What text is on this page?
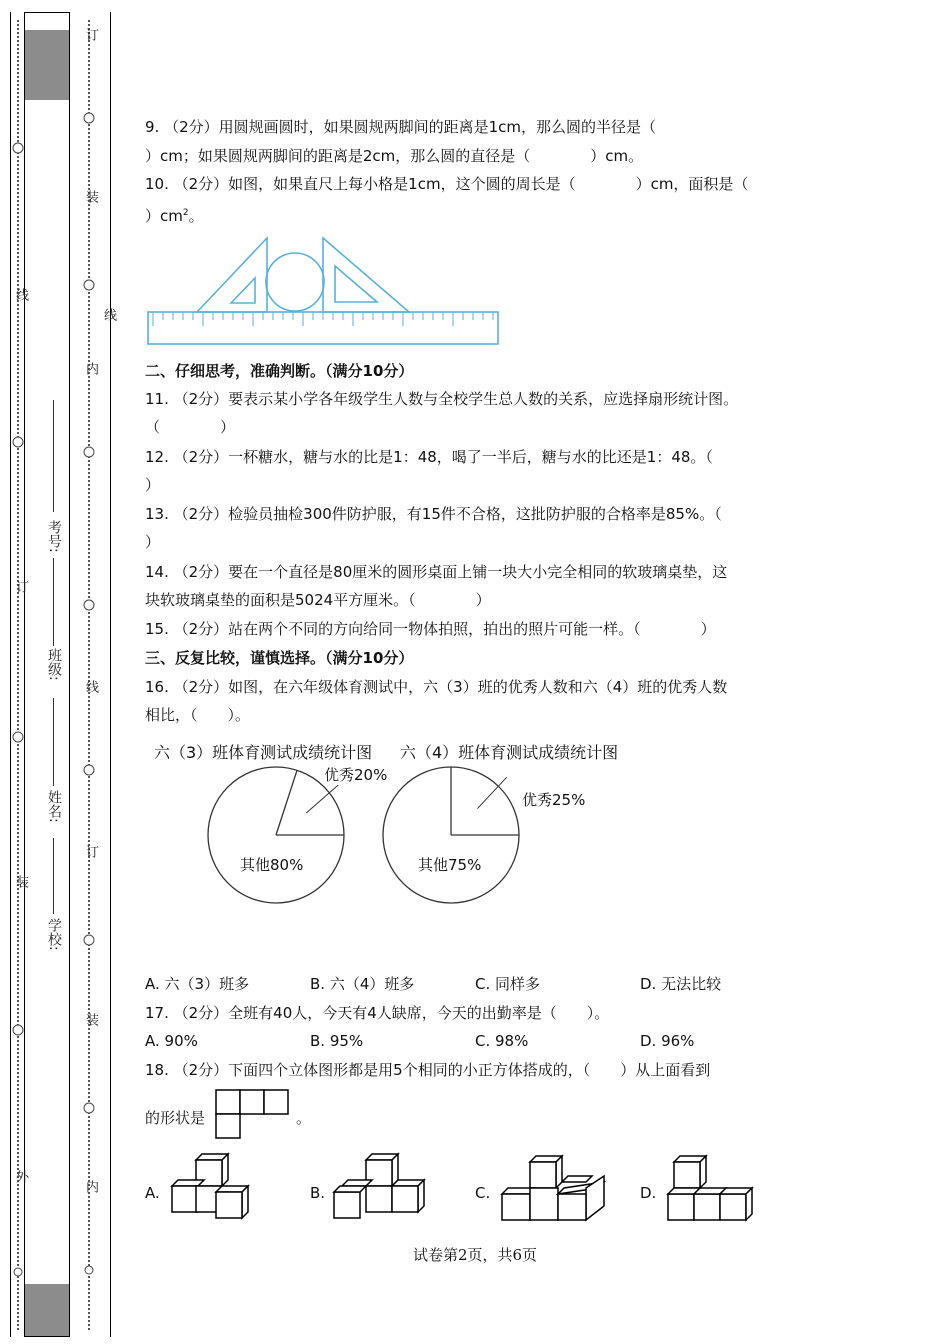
订
装
线
内
线
订
装
内
线
订
装
外
考号:
班级:
姓名:
学校:
9. （2分）用圆规画圆时，如果圆规两脚间的距离是1cm，那么圆的半径是（
）cm；如果圆规两脚间的距离是2cm，那么圆的直径是（　　　　）cm。
10. （2分）如图，如果直尺上每小格是1cm，这个圆的周长是（　　　　）cm，面积是（
）$cm^2$。
二、仔细思考，准确判断。（满分10分）
11. （2分）要表示某小学各年级学生人数与全校学生总人数的关系，应选择扇形统计图。
（　　　　）
12. （2分）一杯糖水，糖与水的比是1：48，喝了一半后，糖与水的比还是1：48。（
）
13. （2分）检验员抽检300件防护服，有15件不合格，这批防护服的合格率是85%。（
）
14. （2分）要在一个直径是80厘米的圆形桌面上铺一块大小完全相同的软玻璃桌垫，这
块软玻璃桌垫的面积是5024平方厘米。（　　　　）
15. （2分）站在两个不同的方向给同一物体拍照，拍出的照片可能一样。（　　　　）
三、反复比较，谨慎选择。（满分10分）
16. （2分）如图，在六年级体育测试中，六（3）班的优秀人数和六（4）班的优秀人数
相比，（　　）。
六（3）班体育测试成绩统计图 六（4）班体育测试成绩统计图
优秀20%
其他80%
优秀25%
其他75%
A. 六（3）班多	B. 六（4）班多	C. 同样多	D. 无法比较
17. （2分）全班有40人，今天有4人缺席，今天的出勤率是（　　）。
A. 90%	B. 95%	C. 98%	D. 96%
18. （2分）下面四个立体图形都是用5个相同的小正方体搭成的，（　　）从上面看到
的形状是	。
A.	B.	C.	D.
试卷第2页，共6页
